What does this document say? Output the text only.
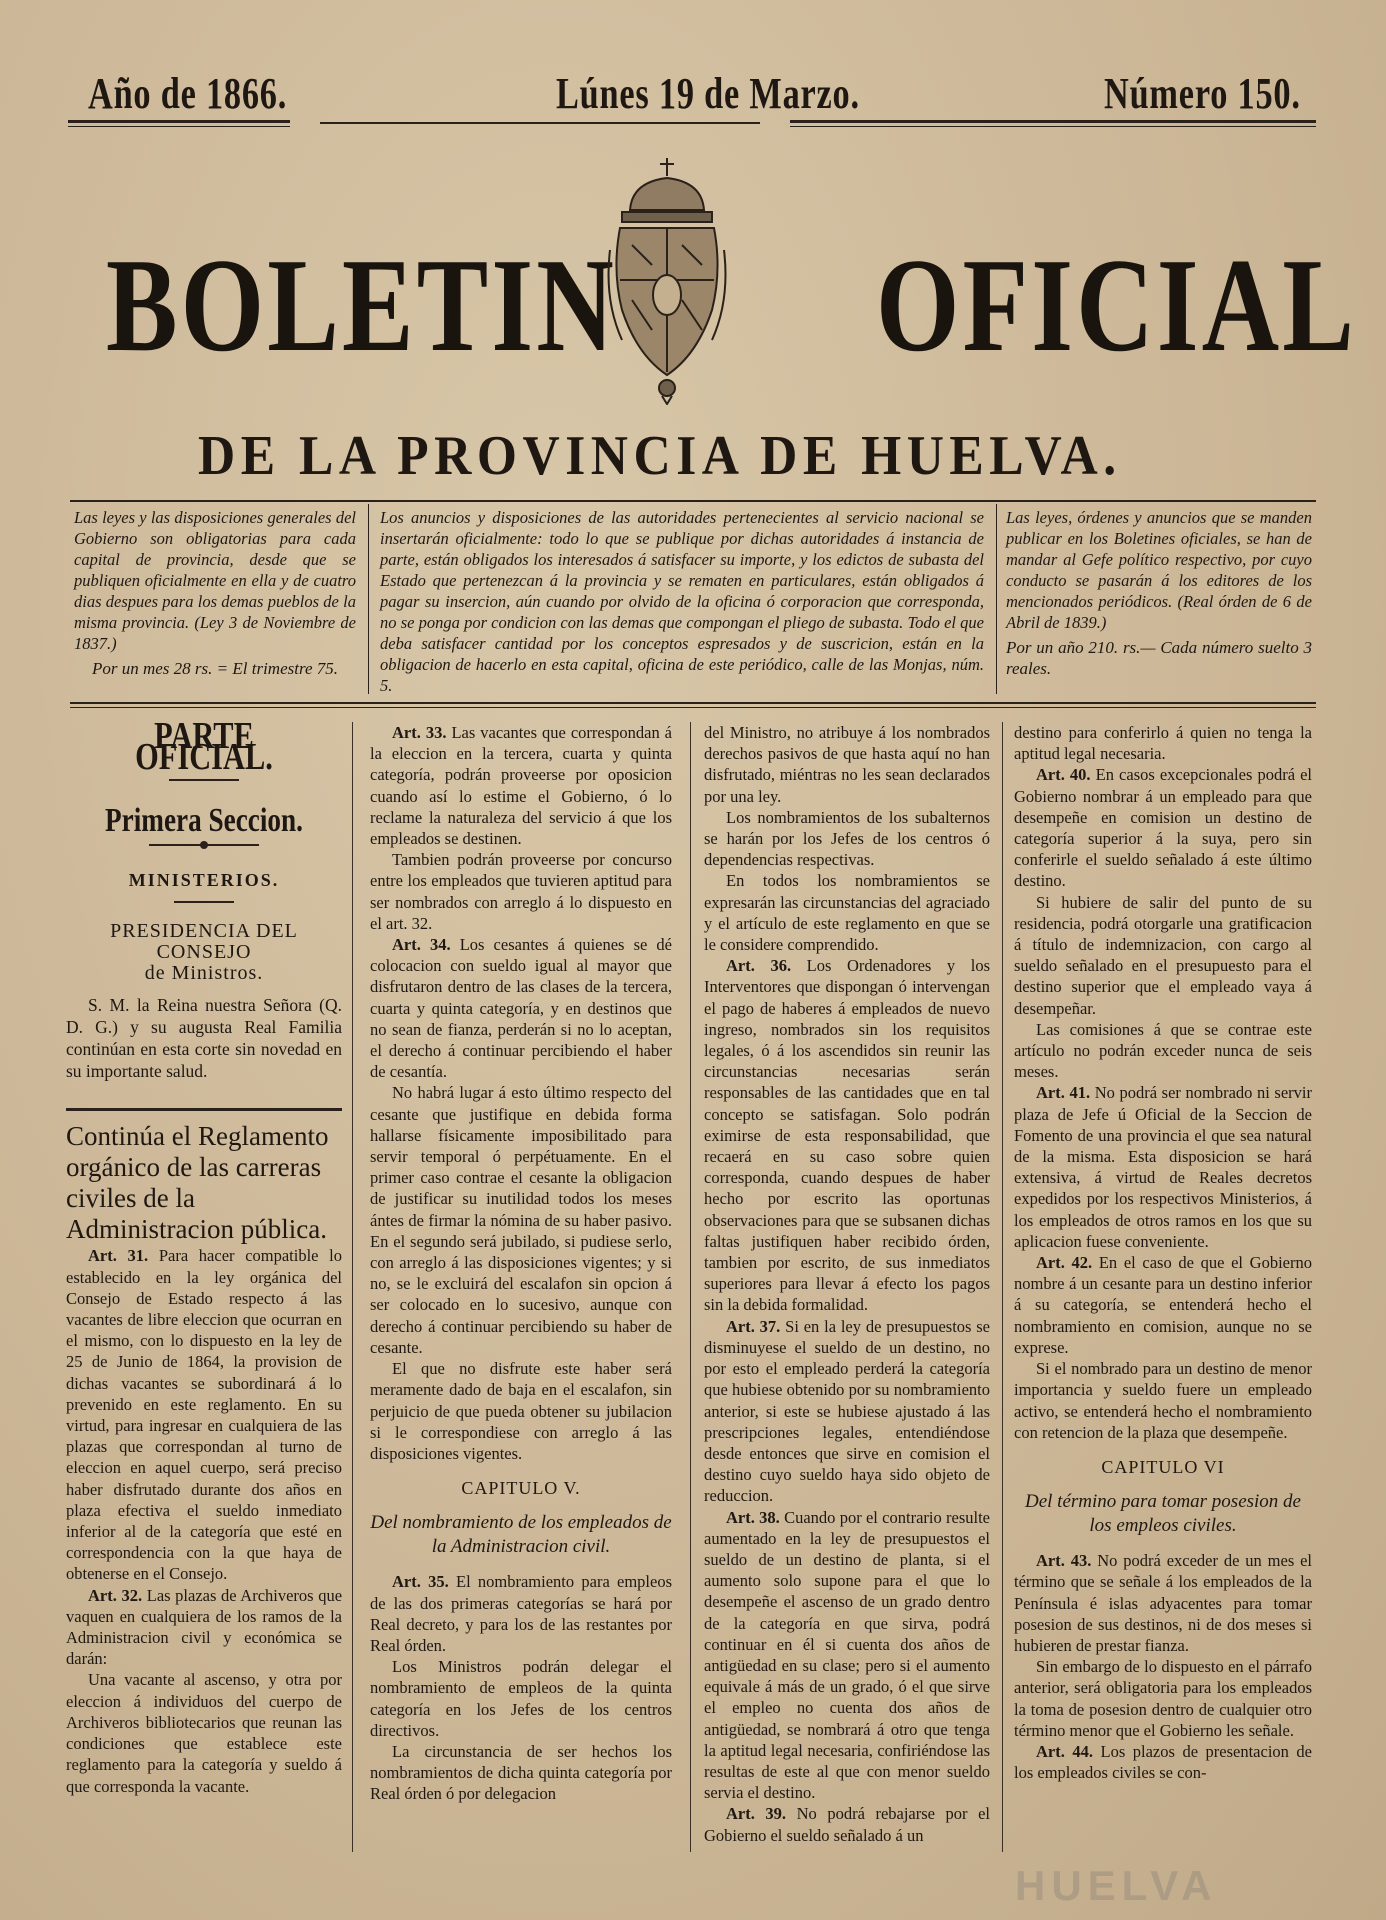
Año de 1866.	Lúnes 19 de Marzo.	Número 150.
BOLETIN OFICIAL
DE LA PROVINCIA DE HUELVA.
Las leyes y las disposiciones generales del Gobierno son obligatorias para cada capital de provincia, desde que se publiquen oficialmente en ella y de cuatro dias despues para los demas pueblos de la misma provincia. (Ley 3 de Noviembre de 1837.)
Por un mes 28 rs. = El trimestre 75.
Los anuncios y disposiciones de las autoridades pertenecientes al servicio nacional se insertarán oficialmente: todo lo que se publique por dichas autoridades á instancia de parte, están obligados los interesados á satisfacer su importe, y los edictos de subasta del Estado que pertenezcan á la provincia y se rematen en particulares, están obligados á pagar su insercion, aún cuando por olvido de la oficina ó corporacion que corresponda, no se ponga por condicion con las demas que compongan el pliego de subasta. Todo el que deba satisfacer cantidad por los conceptos espresados y de suscricion, están en la obligacion de hacerlo en esta capital, oficina de este periódico, calle de las Monjas, núm. 5.
Las leyes, órdenes y anuncios que se manden publicar en los Boletines oficiales, se han de mandar al Gefe político respectivo, por cuyo conducto se pasarán á los editores de los mencionados periódicos. (Real órden de 6 de Abril de 1839.)
Por un año 210. rs.— Cada número suelto 3 reales.
PARTE OFICIAL.
Primera Seccion.
MINISTERIOS.
PRESIDENCIA DEL CONSEJO
de Ministros.

S. M. la Reina nuestra Señora (Q. D. G.) y su augusta Real Familia continúan en esta corte sin novedad en su importante salud.

Continúa el Reglamento orgánico de las carreras civiles de la Administracion pública.

Art. 31. Para hacer compatible lo establecido en la ley orgánica del Consejo de Estado respecto á las vacantes de libre eleccion que ocurran en el mismo, con lo dispuesto en la ley de 25 de Junio de 1864, la provision de dichas vacantes se subordinará á lo prevenido en este reglamento. En su virtud, para ingresar en cualquiera de las plazas que correspondan al turno de eleccion en aquel cuerpo, será preciso haber disfrutado durante dos años en plaza efectiva el sueldo inmediato inferior al de la categoría que esté en correspondencia con la que haya de obtenerse en el Consejo.

Art. 32. Las plazas de Archiveros que vaquen en cualquiera de los ramos de la Administracion civil y económica se darán:

Una vacante al ascenso, y otra por eleccion á individuos del cuerpo de Archiveros bibliotecarios que reunan las condiciones que establece este reglamento para la categoría y sueldo á que corresponda la vacante.

Art. 33. Las vacantes que correspondan á la eleccion en la tercera, cuarta y quinta categoría, podrán proveerse por oposicion cuando así lo estime el Gobierno, ó lo reclame la naturaleza del servicio á que los empleados se destinen.

Tambien podrán proveerse por concurso entre los empleados que tuvieren aptitud para ser nombrados con arreglo á lo dispuesto en el art. 32.

Art. 34. Los cesantes á quienes se dé colocacion con sueldo igual al mayor que disfrutaron dentro de las clases de la tercera, cuarta y quinta categoría, y en destinos que no sean de fianza, perderán si no lo aceptan, el derecho á continuar percibiendo el haber de cesantía.

No habrá lugar á esto último respecto del cesante que justifique en debida forma hallarse físicamente imposibilitado para servir temporal ó perpétuamente. En el primer caso contrae el cesante la obligacion de justificar su inutilidad todos los meses ántes de firmar la nómina de su haber pasivo. En el segundo será jubilado, si pudiese serlo, con arreglo á las disposiciones vigentes; y si no, se le excluirá del escalafon sin opcion á ser colocado en lo sucesivo, aunque con derecho á continuar percibiendo su haber de cesante.

El que no disfrute este haber será meramente dado de baja en el escalafon, sin perjuicio de que pueda obtener su jubilacion si le correspondiese con arreglo á las disposiciones vigentes.

CAPITULO V.
Del nombramiento de los empleados de la Administracion civil.

Art. 35. El nombramiento para empleos de las dos primeras categorías se hará por Real decreto, y para los de las restantes por Real órden.

Los Ministros podrán delegar el nombramiento de empleos de la quinta categoría en los Jefes de los centros directivos.

La circunstancia de ser hechos los nombramientos de dicha quinta categoría por Real órden ó por delegacion

del Ministro, no atribuye á los nombrados derechos pasivos de que hasta aquí no han disfrutado, miéntras no les sean declarados por una ley.

Los nombramientos de los subalternos se harán por los Jefes de los centros ó dependencias respectivas.

En todos los nombramientos se expresarán las circunstancias del agraciado y el artículo de este reglamento en que se le considere comprendido.

Art. 36. Los Ordenadores y los Interventores que dispongan ó intervengan el pago de haberes á empleados de nuevo ingreso, nombrados sin los requisitos legales, ó á los ascendidos sin reunir las circunstancias necesarias serán responsables de las cantidades que en tal concepto se satisfagan. Solo podrán eximirse de esta responsabilidad, que recaerá en su caso sobre quien corresponda, cuando despues de haber hecho por escrito las oportunas observaciones para que se subsanen dichas faltas justifiquen haber recibido órden, tambien por escrito, de sus inmediatos superiores para llevar á efecto los pagos sin la debida formalidad.

Art. 37. Si en la ley de presupuestos se disminuyese el sueldo de un destino, no por esto el empleado perderá la categoría que hubiese obtenido por su nombramiento anterior, si este se hubiese ajustado á las prescripciones legales, entendiéndose desde entonces que sirve en comision el destino cuyo sueldo haya sido objeto de reduccion.

Art. 38. Cuando por el contrario resulte aumentado en la ley de presupuestos el sueldo de un destino de planta, si el aumento solo supone para el que lo desempeñe el ascenso de un grado dentro de la categoría en que sirva, podrá continuar en él si cuenta dos años de antigüedad en su clase; pero si el aumento equivale á más de un grado, ó el que sirve el empleo no cuenta dos años de antigüedad, se nombrará á otro que tenga la aptitud legal necesaria, confiriéndose las resultas de este al que con menor sueldo servia el destino.

Art. 39. No podrá rebajarse por el Gobierno el sueldo señalado á un

destino para conferirlo á quien no tenga la aptitud legal necesaria.

Art. 40. En casos excepcionales podrá el Gobierno nombrar á un empleado para que desempeñe en comision un destino de categoría superior á la suya, pero sin conferirle el sueldo señalado á este último destino.

Si hubiere de salir del punto de su residencia, podrá otorgarle una gratificacion á título de indemnizacion, con cargo al sueldo señalado en el presupuesto para el destino superior que el empleado vaya á desempeñar.

Las comisiones á que se contrae este artículo no podrán exceder nunca de seis meses.

Art. 41. No podrá ser nombrado ni servir plaza de Jefe ú Oficial de la Seccion de Fomento de una provincia el que sea natural de la misma. Esta disposicion se hará extensiva, á virtud de Reales decretos expedidos por los respectivos Ministerios, á los empleados de otros ramos en los que su aplicacion fuese conveniente.

Art. 42. En el caso de que el Gobierno nombre á un cesante para un destino inferior á su categoría, se entenderá hecho el nombramiento en comision, aunque no se exprese.

Si el nombrado para un destino de menor importancia y sueldo fuere un empleado activo, se entenderá hecho el nombramiento con retencion de la plaza que desempeñe.

CAPITULO VI
Del término para tomar posesion de los empleos civiles.

Art. 43. No podrá exceder de un mes el término que se señale á los empleados de la Península é islas adyacentes para tomar posesion de sus destinos, ni de dos meses si hubieren de prestar fianza.

Sin embargo de lo dispuesto en el párrafo anterior, será obligatoria para los empleados la toma de posesion dentro de cualquier otro término menor que el Gobierno les señale.

Art. 44. Los plazos de presentacion de los empleados civiles se con-

HUELVA
